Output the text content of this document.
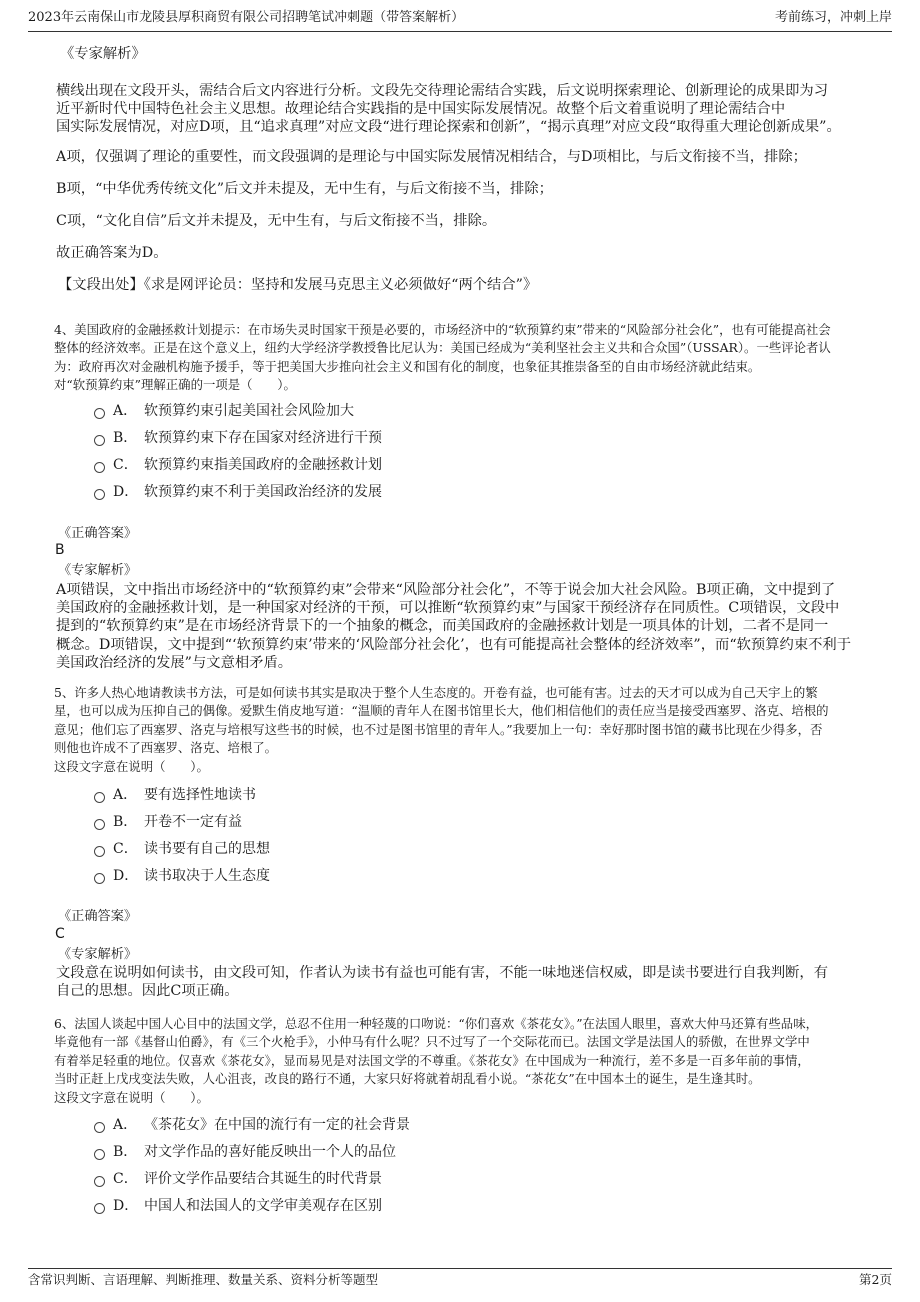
2023年云南保山市龙陵县厚积商贸有限公司招聘笔试冲刺题（带答案解析）	考前练习，冲刺上岸
《专家解析》
横线出现在文段开头，需结合后文内容进行分析。文段先交待理论需结合实践，后文说明探索理论、创新理论的成果即为习
近平新时代中国特色社会主义思想。故理论结合实践指的是中国实际发展情况。故整个后文着重说明了理论需结合中
国实际发展情况，对应D项，且“追求真理”对应文段“进行理论探索和创新”，“揭示真理”对应文段“取得重大理论创新成果”。
A项，仅强调了理论的重要性，而文段强调的是理论与中国实际发展情况相结合，与D项相比，与后文衔接不当，排除；
B项，“中华优秀传统文化”后文并未提及，无中生有，与后文衔接不当，排除；
C项，“文化自信”后文并未提及，无中生有，与后文衔接不当，排除。
故正确答案为D。
【文段出处】《求是网评论员：坚持和发展马克思主义必须做好“两个结合”》
4、美国政府的金融拯救计划提示：在市场失灵时国家干预是必要的，市场经济中的“软预算约束”带来的“风险部分社会化”，也有可能提高社会
整体的经济效率。正是在这个意义上，纽约大学经济学教授鲁比尼认为：美国已经成为“美利坚社会主义共和合众国”（USSAR）。一些评论者认
为：政府再次对金融机构施予援手，等于把美国大步推向社会主义和国有化的制度，也象征其推崇备至的自由市场经济就此结束。
对“软预算约束”理解正确的一项是（　　）。
A． 软预算约束引起美国社会风险加大
B． 软预算约束下存在国家对经济进行干预
C． 软预算约束指美国政府的金融拯救计划
D． 软预算约束不利于美国政治经济的发展
《正确答案》
B
《专家解析》
A项错误，文中指出市场经济中的“软预算约束”会带来“风险部分社会化”，不等于说会加大社会风险。B项正确，文中提到了
美国政府的金融拯救计划，是一种国家对经济的干预，可以推断“软预算约束”与国家干预经济存在同质性。C项错误，文段中
提到的“软预算约束”是在市场经济背景下的一个抽象的概念，而美国政府的金融拯救计划是一项具体的计划，二者不是同一
概念。D项错误，文中提到“‘软预算约束’带来的‘风险部分社会化’，也有可能提高社会整体的经济效率”，而“软预算约束不利于
美国政治经济的发展”与文意相矛盾。
5、许多人热心地请教读书方法，可是如何读书其实是取决于整个人生态度的。开卷有益，也可能有害。过去的天才可以成为自己天宇上的繁
星，也可以成为压抑自己的偶像。爱默生俏皮地写道：“温顺的青年人在图书馆里长大，他们相信他们的责任应当是接受西塞罗、洛克、培根的
意见；他们忘了西塞罗、洛克与培根写这些书的时候，也不过是图书馆里的青年人。”我要加上一句：幸好那时图书馆的藏书比现在少得多，否
则他也许成不了西塞罗、洛克、培根了。
这段文字意在说明（　　）。
A． 要有选择性地读书
B． 开卷不一定有益
C． 读书要有自己的思想
D． 读书取决于人生态度
《正确答案》
C
《专家解析》
文段意在说明如何读书，由文段可知，作者认为读书有益也可能有害，不能一味地迷信权威，即是读书要进行自我判断，有
自己的思想。因此C项正确。
6、法国人谈起中国人心目中的法国文学，总忍不住用一种轻蔑的口吻说：“你们喜欢《茶花女》。”在法国人眼里，喜欢大仲马还算有些品味，
毕竟他有一部《基督山伯爵》，有《三个火枪手》，小仲马有什么呢？只不过写了一个交际花而已。法国文学是法国人的骄傲，在世界文学中
有着举足轻重的地位。仅喜欢《茶花女》，显而易见是对法国文学的不尊重。《茶花女》在中国成为一种流行，差不多是一百多年前的事情，
当时正赶上戊戌变法失败，人心沮丧，改良的路行不通，大家只好将就着胡乱看小说。“茶花女”在中国本土的诞生，是生逢其时。
这段文字意在说明（　　）。
A． 《茶花女》在中国的流行有一定的社会背景
B． 对文学作品的喜好能反映出一个人的品位
C． 评价文学作品要结合其诞生的时代背景
D． 中国人和法国人的文学审美观存在区别
含常识判断、言语理解、判断推理、数量关系、资料分析等题型	第2页
